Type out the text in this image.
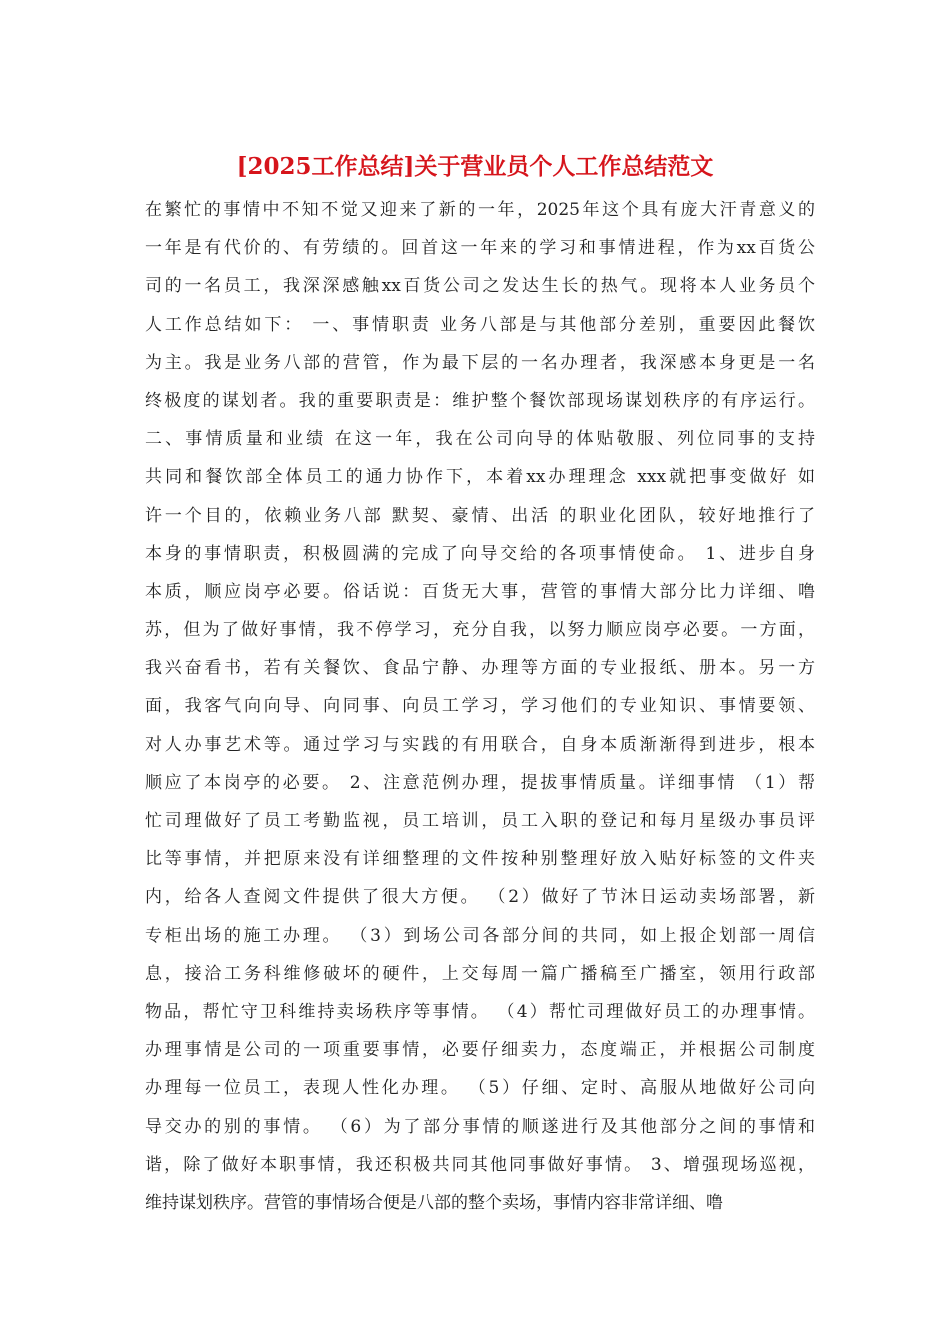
[2025工作总结]关于营业员个人工作总结范文
在繁忙的事情中不知不觉又迎来了新的一年，2025年这个具有庞大汗青意义的
一年是有代价的、有劳绩的。回首这一年来的学习和事情进程，作为xx百货公
司的一名员工，我深深感触xx百货公司之发达生长的热气。现将本人业务员个
人工作总结如下： 一、事情职责 业务八部是与其他部分差别，重要因此餐饮
为主。我是业务八部的营管，作为最下层的一名办理者，我深感本身更是一名
终极度的谋划者。我的重要职责是：维护整个餐饮部现场谋划秩序的有序运行。
二、事情质量和业绩 在这一年，我在公司向导的体贴敬服、列位同事的支持
共同和餐饮部全体员工的通力协作下，本着xx办理理念 xxx就把事变做好 如
许一个目的，依赖业务八部 默契、豪情、出活 的职业化团队，较好地推行了
本身的事情职责，积极圆满的完成了向导交给的各项事情使命。 1、进步自身
本质，顺应岗亭必要。俗话说：百货无大事，营管的事情大部分比力详细、噜
苏，但为了做好事情，我不停学习，充分自我，以努力顺应岗亭必要。一方面，
我兴奋看书，若有关餐饮、食品宁静、办理等方面的专业报纸、册本。另一方
面，我客气向向导、向同事、向员工学习，学习他们的专业知识、事情要领、
对人办事艺术等。通过学习与实践的有用联合，自身本质渐渐得到进步，根本
顺应了本岗亭的必要。 2、注意范例办理，提拔事情质量。详细事情 （1）帮
忙司理做好了员工考勤监视，员工培训，员工入职的登记和每月星级办事员评
比等事情，并把原来没有详细整理的文件按种别整理好放入贴好标签的文件夹
内，给各人查阅文件提供了很大方便。 （2）做好了节沐日运动卖场部署，新
专柜出场的施工办理。 （3）到场公司各部分间的共同，如上报企划部一周信
息，接洽工务科维修破坏的硬件，上交每周一篇广播稿至广播室，领用行政部
物品，帮忙守卫科维持卖场秩序等事情。 （4）帮忙司理做好员工的办理事情。
办理事情是公司的一项重要事情，必要仔细卖力，态度端正，并根据公司制度
办理每一位员工，表现人性化办理。 （5）仔细、定时、高服从地做好公司向
导交办的别的事情。 （6）为了部分事情的顺遂进行及其他部分之间的事情和
谐，除了做好本职事情，我还积极共同其他同事做好事情。 3、增强现场巡视，
维持谋划秩序。营管的事情场合便是八部的整个卖场，事情内容非常详细、噜
